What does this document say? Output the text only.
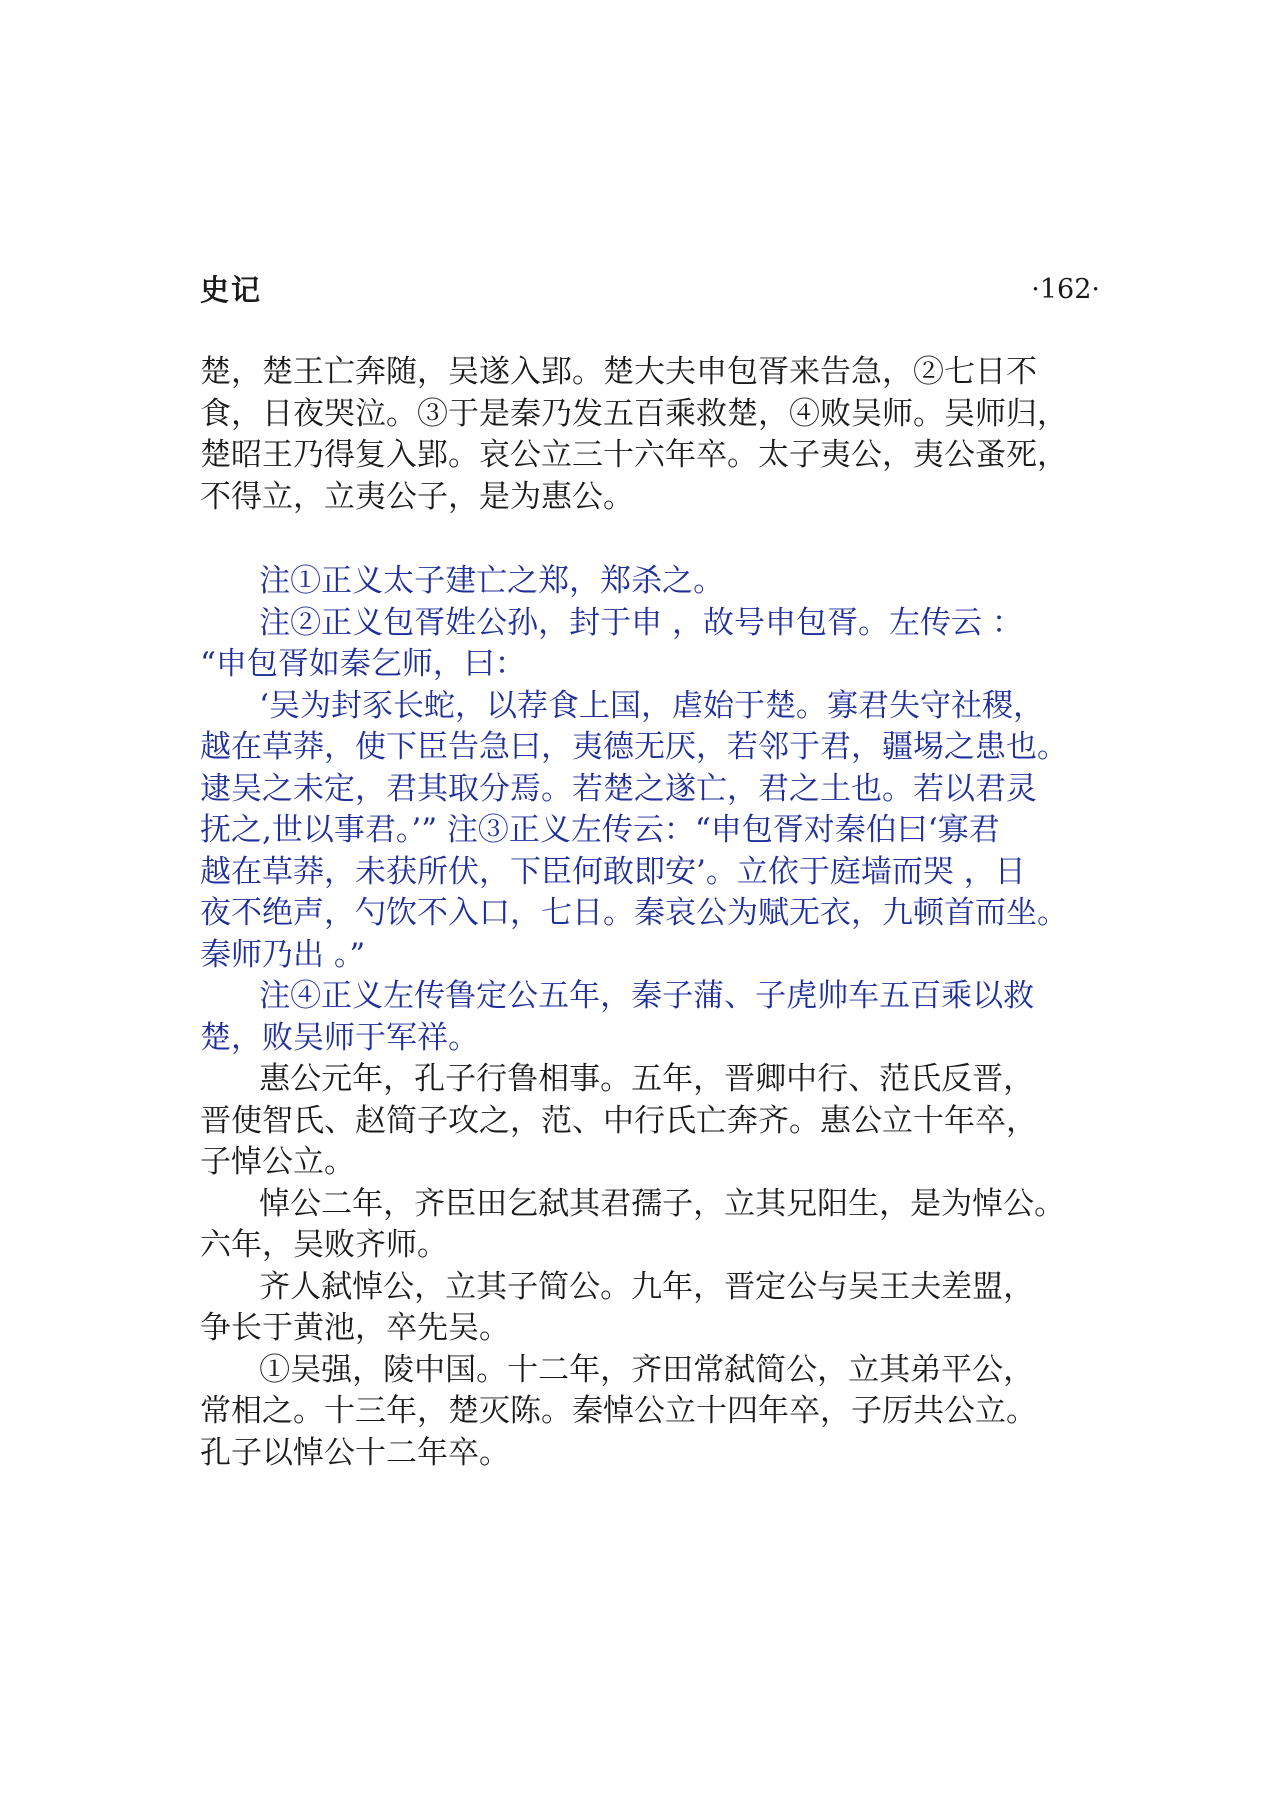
史记	·162·

楚，楚王亡奔随，吴遂入郢。楚大夫申包胥来告急，②七日不

食，日夜哭泣。③于是秦乃发五百乘救楚，④败吴师。吴师归，

楚昭王乃得复入郢。哀公立三十六年卒。太子夷公，夷公蚤死，

不得立，立夷公子，是为惠公。

注①正义太子建亡之郑，郑杀之。

注②正义包胥姓公孙，封于申 ，故号申包胥。左传云 ：

“申包胥如秦乞师，曰：

‘吴为封豕长蛇，以荐食上国，虐始于楚。寡君失守社稷，

越在草莽，使下臣告急曰，夷德无厌，若邻于君，疆埸之患也。

逮吴之未定，君其取分焉。若楚之遂亡，君之土也。若以君灵

抚之,世以事君。’” 注③正义左传云：“申包胥对秦伯曰‘寡君

越在草莽，未获所伏，下臣何敢即安’。立依于庭墙而哭 ，日

夜不绝声，勺饮不入口，七日。秦哀公为赋无衣，九顿首而坐。

秦师乃出 。”

注④正义左传鲁定公五年，秦子蒲、子虎帅车五百乘以救

楚，败吴师于军祥。

惠公元年，孔子行鲁相事。五年，晋卿中行、范氏反晋，

晋使智氏、赵简子攻之，范、中行氏亡奔齐。惠公立十年卒，

子悼公立。

悼公二年，齐臣田乞弑其君孺子，立其兄阳生，是为悼公。

六年，吴败齐师。

齐人弑悼公，立其子简公。九年，晋定公与吴王夫差盟，

争长于黄池，卒先吴。

①吴强，陵中国。十二年，齐田常弑简公，立其弟平公，

常相之。十三年，楚灭陈。秦悼公立十四年卒，子厉共公立。

孔子以悼公十二年卒。
